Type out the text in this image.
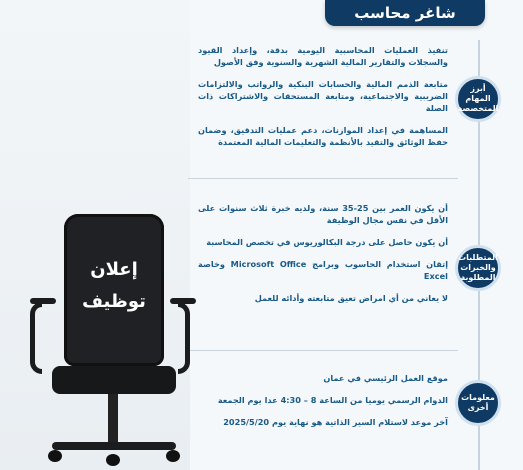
شاغر محاسب
أبرز المهام المتخصصة
تنفيذ العمليات المحاسبية اليومية بدقة، وإعداد القيود والسجلات والتقارير المالية الشهرية والسنوية وفق الأصول
متابعة الذمم المالية والحسابات البنكية والرواتب والالتزامات الضريبية والاجتماعية، ومتابعة المستحقات والاشتراكات ذات الصلة
المساهمة في إعداد الموازنات، دعم عمليات التدقيق، وضمان حفظ الوثائق والتقيد بالأنظمة والتعليمات المالية المعتمدة
المتطلبات والخبرات المطلوبة
أن يكون العمر بين 25-35 سنة، ولديه خبرة ثلاث سنوات على الأقل في نفس مجال الوظيفة
أن يكون حاصل على درجة البكالوريوس في تخصص المحاسبة
إتقان استخدام الحاسوب وبرامج Microsoft Office وخاصة Excel
لا يعاني من أي امراض تعيق متابعته وأدائه للعمل
معلومات أخرى
موقع العمل الرئيسي في عمان
الدوام الرسمي يوميا من الساعة 8 – 4:30 عدا يوم الجمعة
آخر موعد لاستلام السير الذاتية هو نهاية يوم 2025/5/20
إعلان
توظيف
